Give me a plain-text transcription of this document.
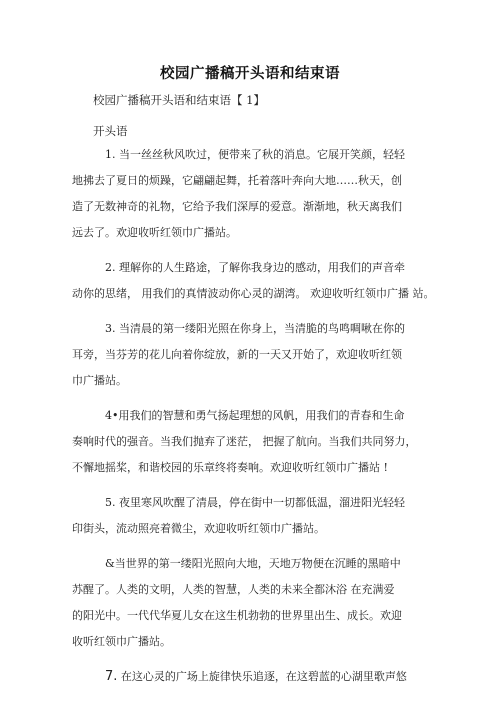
校园广播稿开头语和结束语
校园广播稿开头语和结束语【 1】
开头语
1. 当一丝丝秋风吹过，便带来了秋的消息。它展开笑颜，轻轻
地拂去了夏日的烦躁，它翩翩起舞，托着落叶奔向大地……秋天，创
造了无数神奇的礼物，它给予我们深厚的爱意。渐渐地，秋天离我们
远去了。欢迎收听红领巾广播站。
2. 理解你的人生路途，了解你我身边的感动，用我们的声音牵
动你的思绪， 用我们的真情波动你心灵的湖湾。 欢迎收听红领巾广播 站。
3. 当清晨的第一缕阳光照在你身上，当清脆的鸟鸣啁啾在你的
耳旁，当芬芳的花儿向着你绽放，新的一天又开始了，欢迎收听红领
巾广播站。
4•用我们的智慧和勇气扬起理想的风帆，用我们的青春和生命
奏响时代的强音。当我们抛弃了迷茫， 把握了航向。当我们共同努力，
不懈地摇桨，和谐校园的乐章终将奏响。欢迎收听红领巾广播站 !
5. 夜里寒风吹醒了清晨，停在街中一切都低温，溜进阳光轻轻
印街头，流动照亮着微尘，欢迎收听红领巾广播站。
&当世界的第一缕阳光照向大地，天地万物便在沉睡的黑暗中
苏醒了。人类的文明，人类的智慧，人类的未来全都沐浴 在充满爱
的阳光中。一代代华夏儿女在这生机勃勃的世界里出生、成长。欢迎
收听红领巾广播站。
7. 在这心灵的广场上旋律快乐追逐，在这碧蓝的心湖里歌声悠
